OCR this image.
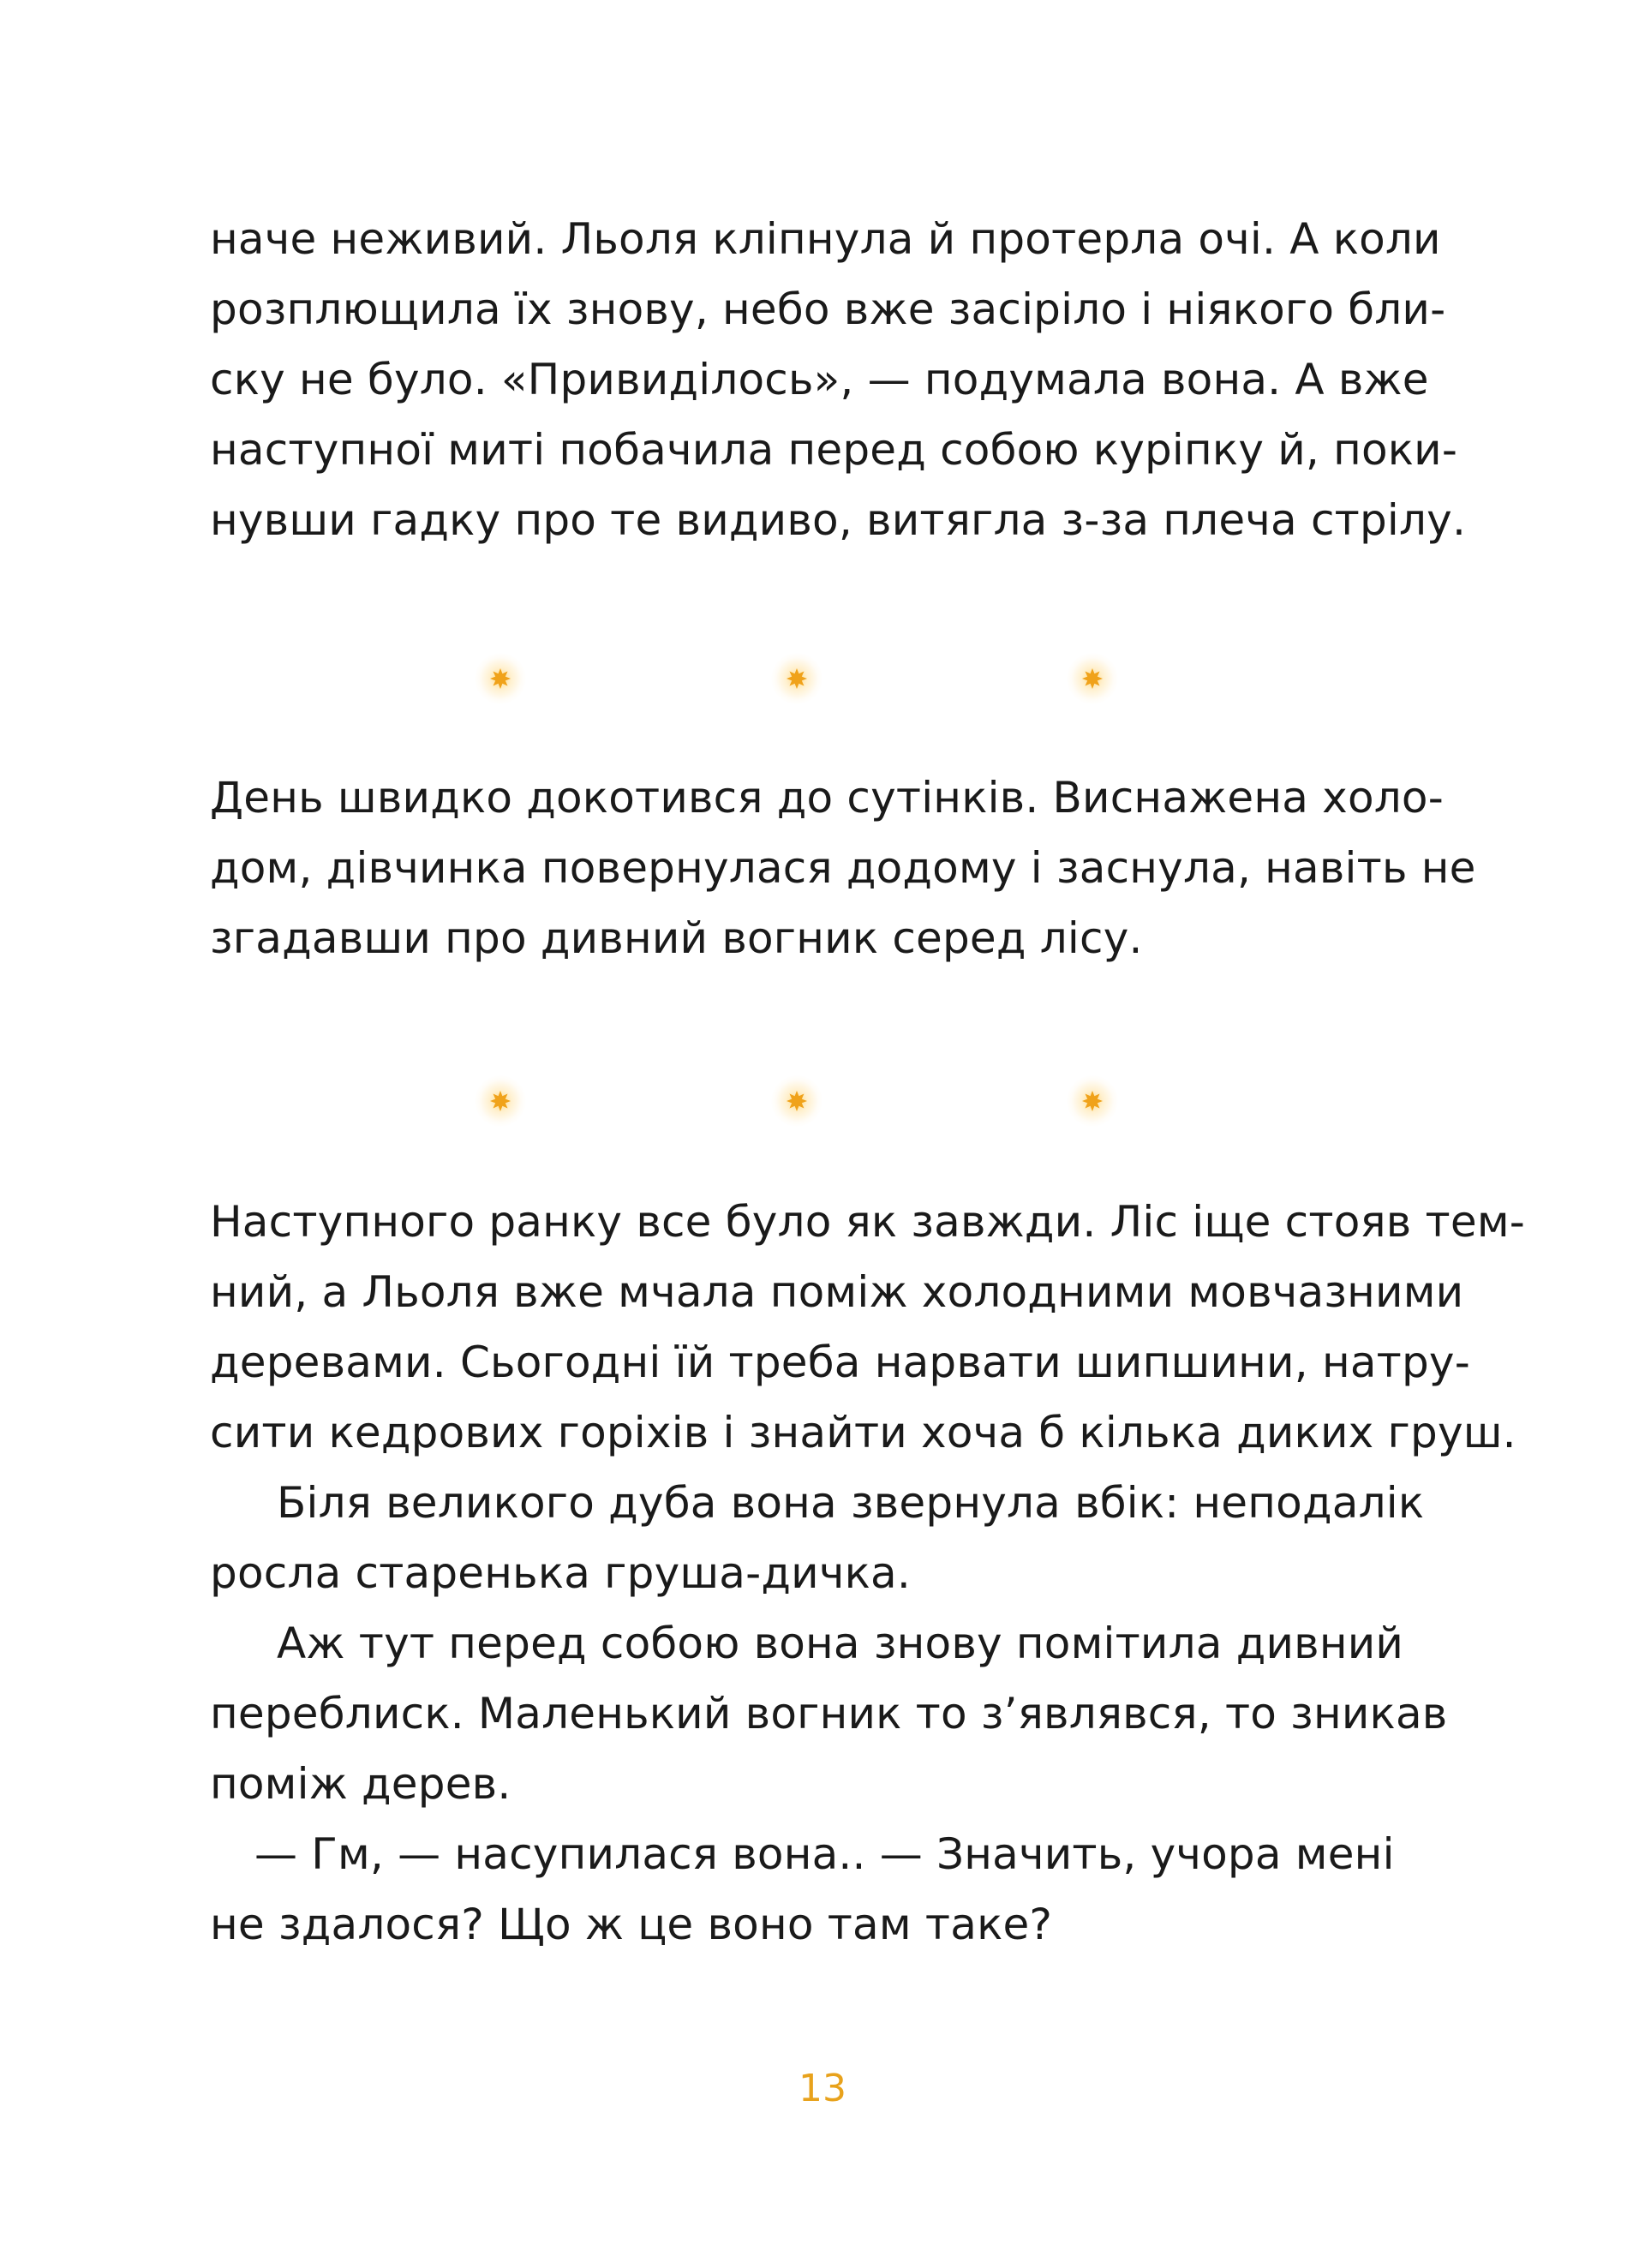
наче неживий. Льоля кліпнула й протерла очі. А коли
розплющила їх знову, небо вже засіріло і ніякого бли-
ску не було. «Привиділось», — подумала вона. А вже
наступної миті побачила перед собою куріпку й, поки-
нувши гадку про те видиво, витягла з-за плеча стрілу.
День швидко докотився до сутінків. Виснажена холо-
дом, дівчинка повернулася додому і заснула, навіть не
згадавши про дивний вогник серед лісу.
Наступного ранку все було як завжди. Ліс іще стояв тем-
ний, а Льоля вже мчала поміж холодними мовчазними
деревами. Сьогодні їй треба нарвати шипшини, натру-
сити кедрових горіхів і знайти хоча б кілька диких груш.
Біля великого дуба вона звернула вбік: неподалік
росла старенька груша-дичка.
Аж тут перед собою вона знову помітила дивний
переблиск. Маленький вогник то з’являвся, то зникав
поміж дерев.
— Гм, — насупилася вона.. — Значить, учора мені
не здалося? Що ж це воно там таке?
13
